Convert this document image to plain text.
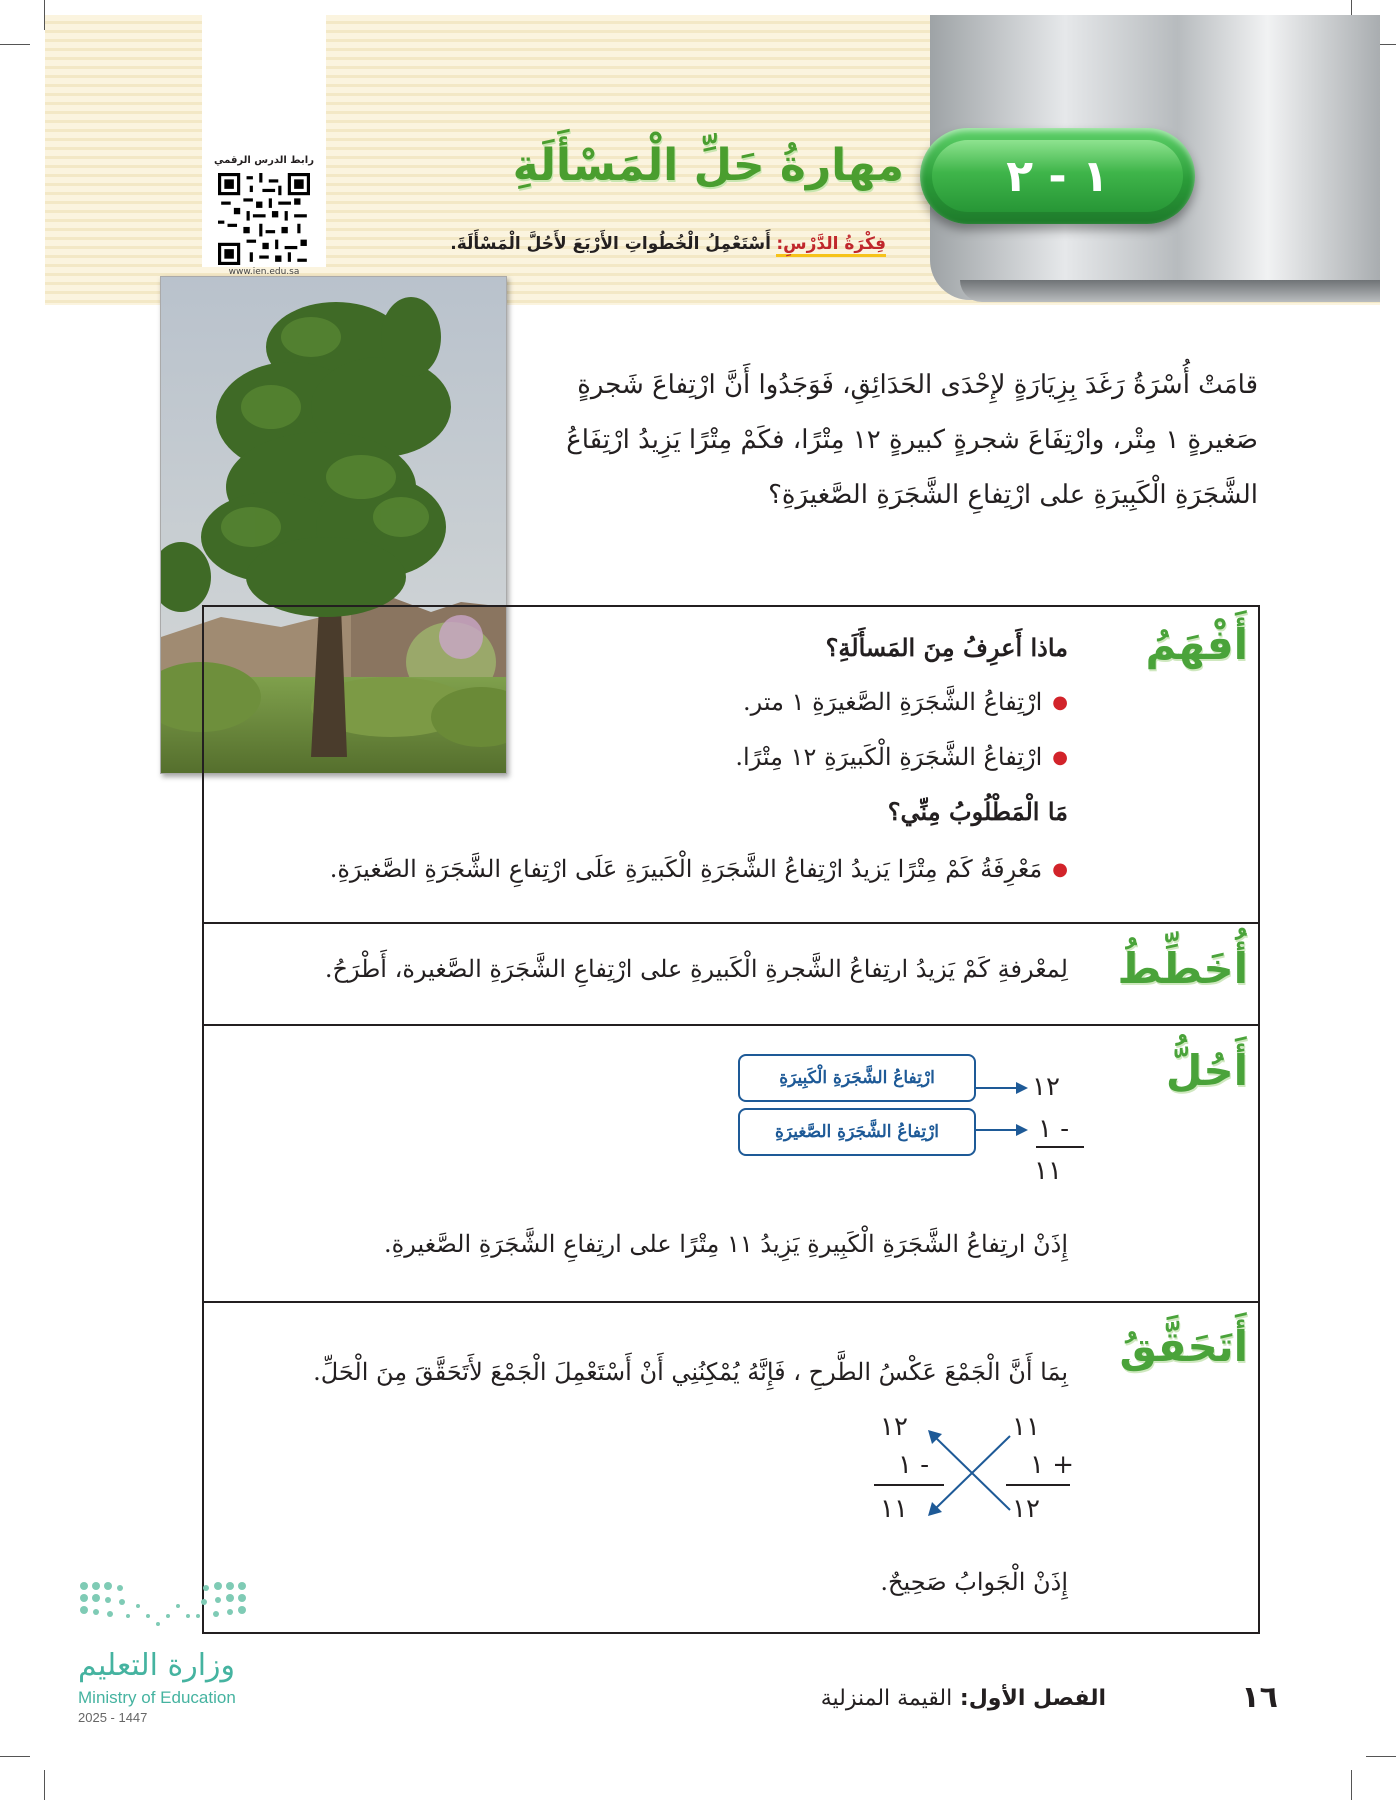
١ - ٢
مهارةُ حَلِّ الْمَسْأَلَةِ
فِكْرَةُ الدَّرْسِ: أَسْتَعْمِلُ الْخُطُواتِ الأَرْبَعَ لأَحُلَّ الْمَسْأَلَةَ.
رابط الدرس الرقمي
www.ien.edu.sa
قامَتْ أُسْرَةُ رَغَدَ بِزِيَارَةٍ لإِحْدَى الحَدَائِقِ، فَوَجَدُوا أَنَّ ارْتِفاعَ شَجرةٍ صَغيرةٍ ١ مِتْر، وارْتِفَاعَ شجرةٍ كبيرةٍ ١٢ مِتْرًا، فكَمْ مِتْرًا يَزِيدُ ارْتِفَاعُ الشَّجَرَةِ الْكَبِيرَةِ على ارْتِفاعِ الشَّجَرَةِ الصَّغيرَةِ؟
أَفْهَمُ
ماذا أَعرِفُ مِنَ المَسأَلَةِ؟
● ارْتِفاعُ الشَّجَرَةِ الصَّغيرَةِ ١ متر.
● ارْتِفاعُ الشَّجَرَةِ الْكَبيرَةِ ١٢ مِتْرًا.
مَا الْمَطْلُوبُ مِنِّي؟
● مَعْرِفَةُ كَمْ مِتْرًا يَزيدُ ارْتِفاعُ الشَّجَرَةِ الْكَبيرَةِ عَلَى ارْتِفاعِ الشَّجَرَةِ الصَّغيرَةِ.
أُخَطِّطُ
لِمعْرفةِ كَمْ يَزيدُ ارتِفاعُ الشَّجرةِ الْكَبيرةِ على ارْتِفاعِ الشَّجَرَةِ الصَّغيرة، أَطْرَحُ.
أَحُلُّ
ارْتِفاعُ الشَّجَرَةِ الْكَبِيرَةِ
ارْتِفاعُ الشَّجَرَةِ الصَّغيرَةِ
١٢
١ -
١١
إِذَنْ ارتِفاعُ الشَّجَرَةِ الْكَبِيرةِ يَزِيدُ ١١ مِتْرًا على ارتِفاعِ الشَّجَرَةِ الصَّغيرةِ.
أَتَحَقَّقُ
بِمَا أَنَّ الْجَمْعَ عَكْسُ الطَّرحِ ، فَإِنَّهُ يُمْكِنُنِي أَنْ أَسْتَعْمِلَ الْجَمْعَ لأَتَحَقَّقَ مِنَ الْحَلِّ.
١٢
١ -
١١
١١
١ +
١٢
إِذَنْ الْجَوابُ صَحِيحٌ.
وزارة التعليم
Ministry of Education
2025 - 1447
الفصل الأول: القيمة المنزلية	١٦
